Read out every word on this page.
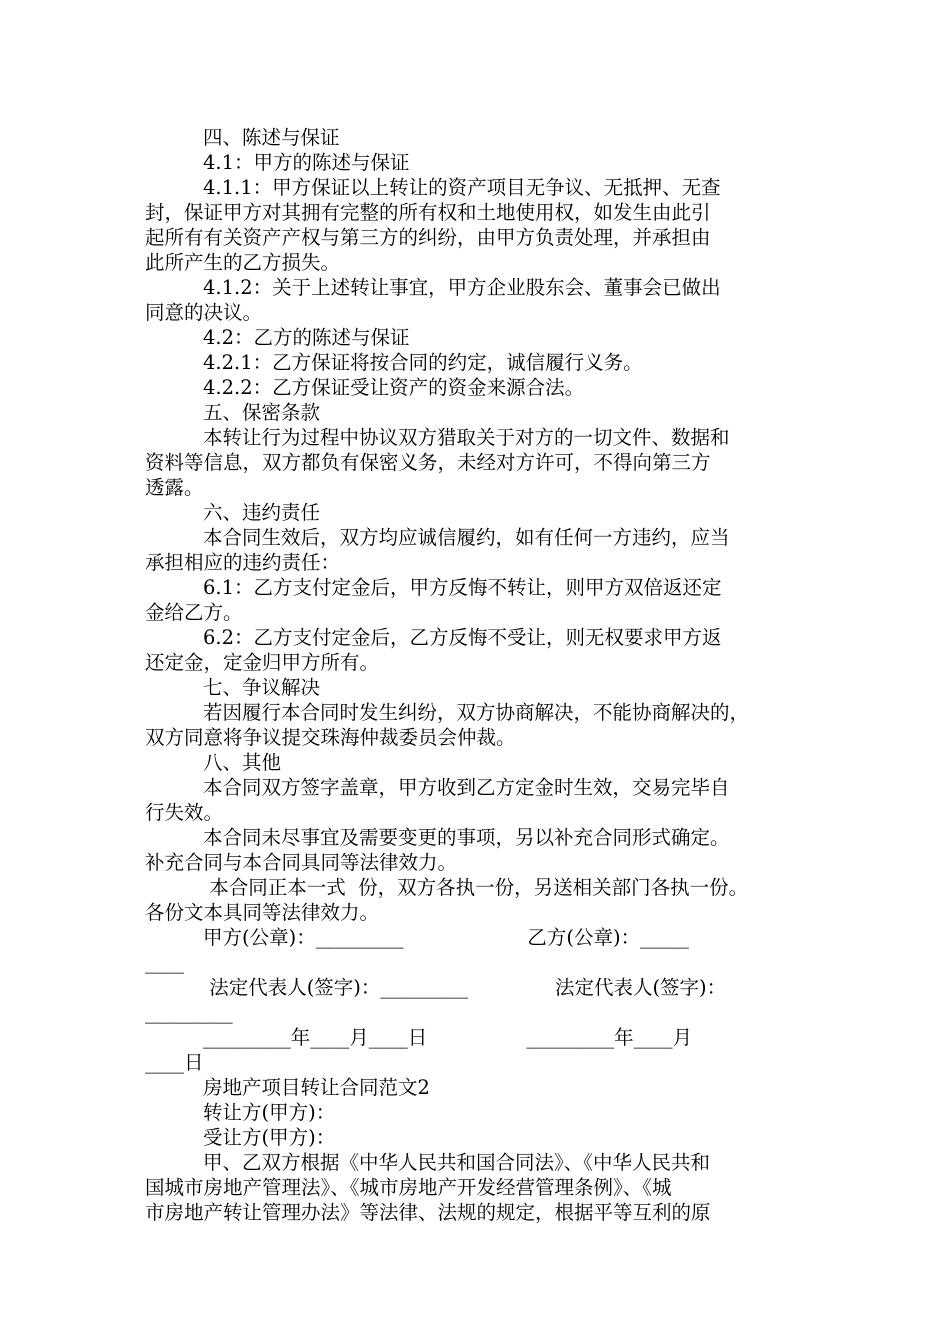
四、陈述与保证
4.1：甲方的陈述与保证
4.1.1：甲方保证以上转让的资产项目无争议、无抵押、无查
封，保证甲方对其拥有完整的所有权和土地使用权，如发生由此引
起所有有关资产产权与第三方的纠纷，由甲方负责处理，并承担由
此所产生的乙方损失。
4.1.2：关于上述转让事宜，甲方企业股东会、董事会已做出
同意的决议。
4.2：乙方的陈述与保证
4.2.1：乙方保证将按合同的约定，诚信履行义务。
4.2.2：乙方保证受让资产的资金来源合法。
五、保密条款
本转让行为过程中协议双方猎取关于对方的一切文件、数据和
资料等信息，双方都负有保密义务，未经对方许可，不得向第三方
透露。
六、违约责任
本合同生效后，双方均应诚信履约，如有任何一方违约，应当
承担相应的违约责任：
6.1：乙方支付定金后，甲方反悔不转让，则甲方双倍返还定
金给乙方。
6.2：乙方支付定金后，乙方反悔不受让，则无权要求甲方返
还定金，定金归甲方所有。
七、争议解决
若因履行本合同时发生纠纷，双方协商解决，不能协商解决的，
双方同意将争议提交珠海仲裁委员会仲裁。
八、其他
本合同双方签字盖章，甲方收到乙方定金时生效，交易完毕自
行失效。
本合同未尽事宜及需要变更的事项，另以补充合同形式确定。
补充合同与本合同具同等法律效力。
本合同正本一式  份，双方各执一份，另送相关部门各执一份。
各份文本具同等法律效力。
甲方(公章)：_________                    乙方(公章)：_____
____
法定代表人(签字)：_________              法定代表人(签字)：
_________
_________年____月____日                _________年____月
____日
房地产项目转让合同范文2
转让方(甲方)：
受让方(甲方)：
甲、乙双方根据《中华人民共和国合同法》、《中华人民共和
国城市房地产管理法》、《城市房地产开发经营管理条例》、《城
市房地产转让管理办法》等法律、法规的规定，根据平等互利的原
